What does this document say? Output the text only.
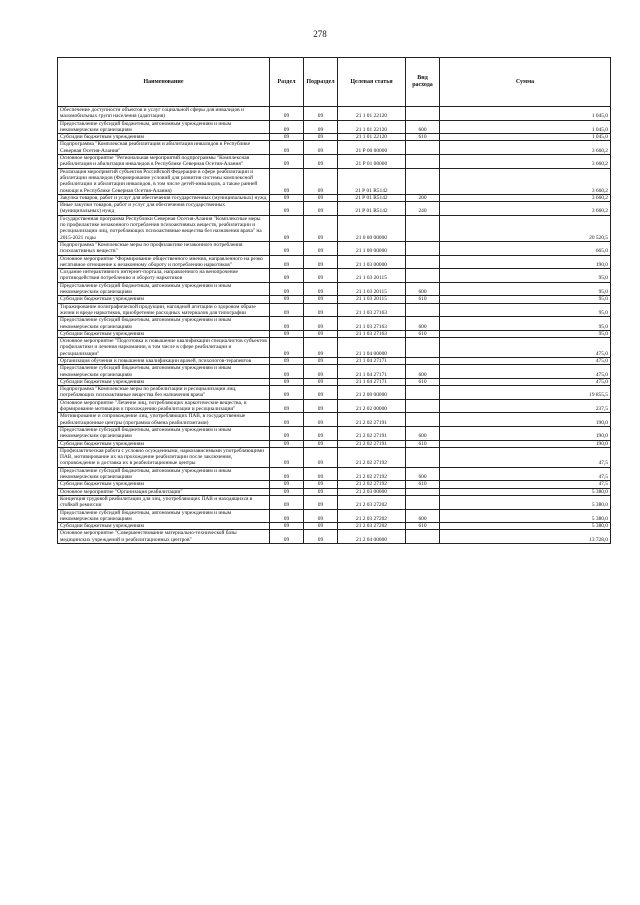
278
Наименование	Раздел	Подраздел	Целевая статья	Вид расхода	Сумма
Обеспечение доступности объектов и услуг социальной сферы для инвалидов и маломобильных групп населения (адаптация)	09	09	21 1 01 22120		1 045,0
Предоставление субсидий бюджетным, автономным учреждениям и иным некоммерческим организациям	09	09	21 1 01 22120	600	1 045,0
Субсидии бюджетным учреждениям	09	09	21 1 01 22120	610	1 045,0
Подпрограмма "Комплексная реабилитация и абилитация инвалидов в Республике Северная Осетия-Алания"	09	09	21 Р 00 00000		3 660,2
Основное мероприятие "Региональная мероприятий подпрограммы "Комплексная реабилитация и абилитация инвалидов в Республике Северная Осетия-Алания"	09	09	21 Р 01 00000		3 660,2
Реализация мероприятий субъектов Российской Федерации в сфере реабилитации и абилитации инвалидов (Формирование условий для развития системы комплексной реабилитации и абилитации инвалидов, в том числе детей-инвалидов, а также ранней помощи в Республике Северная Осетия-Алания)	09	09	21 Р 01 R5142		3 660,2
Закупка товаров, работ и услуг для обеспечения государственных (муниципальных) нужд	09	09	21 Р 01 R5142	200	3 660,2
Иные закупки товаров, работ и услуг для обеспечения государственных (муниципальных) нужд	09	09	21 Р 01 R5142	240	3 660,2
Государственная программа Республики Северная Осетия-Алания "Комплексные меры по профилактике незаконного потребления психоактивных веществ, реабилитации и ресоциализации лиц, потребляющих психоактивные вещества без назначения врача" на 2015-2021 годы	09	09	21 0 00 00000		20 520,5
Подпрограмма "Комплексные меры по профилактике незаконного потребления психоактивных веществ"	09	09	21 1 00 00000		665,0
Основное мероприятие "Формирование общественного мнения, направленного на резко негативное отношение к незаконному обороту и потреблению наркотиков"	09	09	21 1 03 00000		190,0
Создание интерактивного интернет-портала, направленного на венопрочение противодействия потреблению и обороту наркотиков	09	09	21 1 03 20115		95,0
Предоставление субсидий бюджетным, автономным учреждениям и иным некоммерческим организациям	09	09	21 1 03 20115	600	95,0
Субсидии бюджетным учреждениям	09	09	21 1 03 20115	610	95,0
Тиражирование полиграфической продукции, наглядной агитации о здоровом образе жизни и вреде наркотиков, приобретение расходных материалов для типографии	09	09	21 1 03 27163		95,0
Предоставление субсидий бюджетным, автономным учреждениям и иным некоммерческим организациям	09	09	21 1 03 27163	600	95,0
Субсидии бюджетным учреждениям	09	09	21 1 03 27163	610	95,0
Основное мероприятие "Подготовка и повышение квалификации специалистов субъектов профилактики и лечения наркомании, в том числе в сфере реабилитации и ресоциализации"	09	09	21 1 04 00000		475,0
Организация обучения и повышения квалификации врачей, психологов-терапевтов	09	09	21 1 04 27171		475,0
Предоставление субсидий бюджетным, автономным учреждениям и иным некоммерческим организациям	09	09	21 1 04 27171	600	475,0
Субсидии бюджетным учреждениям	09	09	21 1 04 27171	610	475,0
Подпрограмма "Комплексные меры по реабилитации и ресоциализации лиц, потребляющих психоактивные вещества без назначения врача"	09	09	21 2 00 00000		19 855,5
Основное мероприятие "Лечение лиц, потребляющих наркотические вещества, и формирование мотивации к прохождению реабилитации и ресоциализации"	09	09	21 2 02 00000		237,5
Мотивирование и сопровождение лиц, употребляющих ПАВ, в государственные реабилитационные центры (программа обмена реабилитантами)	09	09	21 2 02 27191		190,0
Предоставление субсидий бюджетным, автономным учреждениям и иным некоммерческим организациям	09	09	21 2 02 27191	600	190,0
Субсидии бюджетным учреждениям	09	09	21 2 02 27191	610	190,0
Профилактическая работа с условно осужденными, наркозависимыми употребляющими ПАВ, мотивирование их на прохождение реабилитации после заключения, сопровождение и доставка их в реабилитационные центры	09	09	21 2 02 27192		47,5
Предоставление субсидий бюджетным, автономным учреждениям и иным некоммерческим организациям	09	09	21 2 02 27192	600	47,5
Субсидии бюджетным учреждениям	09	09	21 2 02 27192	610	47,5
Основное мероприятие "Организация реабилитации"	09	09	21 2 03 00000		5 380,0
Концепция трудовой реабилитации для лиц, употребляющих ПАВ и находящихся в стойкой ремиссии	09	09	21 2 03 27202		5 380,0
Предоставление субсидий бюджетным, автономным учреждениям и иным некоммерческим организациям	09	09	21 2 03 27202	600	5 380,0
Субсидии бюджетным учреждениям	09	09	21 2 03 27202	610	5 380,0
Основное мероприятие "Совершенствование материально-технической базы медицинских учреждений и реабилитационных центров"	09	09	21 2 04 00000		13 728,0
